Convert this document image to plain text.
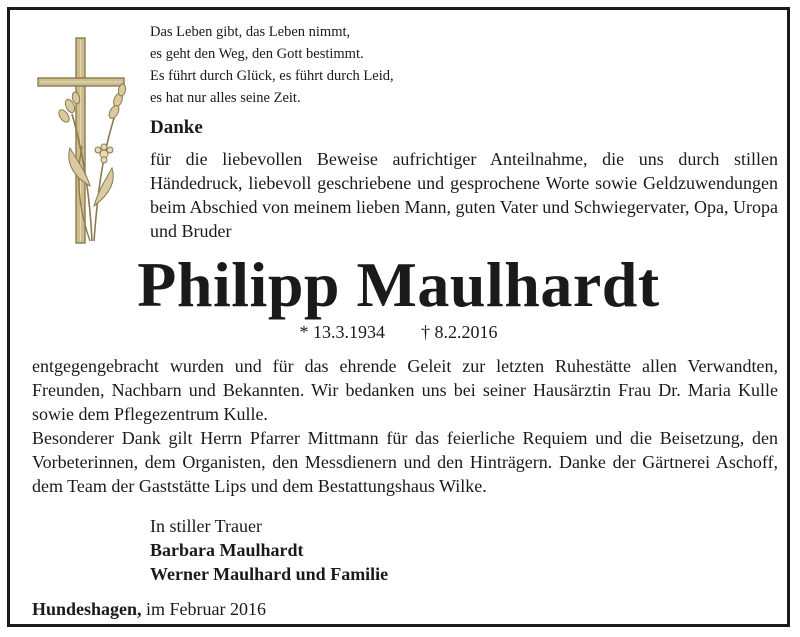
Das Leben gibt, das Leben nimmt,
es geht den Weg, den Gott bestimmt.
Es führt durch Glück, es führt durch Leid,
es hat nur alles seine Zeit.
Danke
für die liebevollen Beweise aufrichtiger Anteilnahme, die uns durch stillen Händedruck, liebevoll geschriebene und gesprochene Worte sowie Geldzuwendungen beim Abschied von meinem lieben Mann, guten Vater und Schwiegervater, Opa, Uropa und Bruder
Philipp Maulhardt
* 13.3.1934 † 8.2.2016

entgegengebracht wurden und für das ehrende Geleit zur letzten Ruhestätte allen Verwandten, Freunden, Nachbarn und Bekannten. Wir bedanken uns bei seiner Hausärztin Frau Dr. Maria Kulle sowie dem Pflegezentrum Kulle.

Besonderer Dank gilt Herrn Pfarrer Mittmann für das feierliche Requiem und die Beisetzung, den Vorbeterinnen, dem Organisten, den Messdienern und den Hinträgern. Danke der Gärtnerei Aschoff, dem Team der Gaststätte Lips und dem Bestattungshaus Wilke.

In stiller Trauer
Barbara Maulhardt
Werner Maulhard und Familie
Hundeshagen, im Februar 2016
